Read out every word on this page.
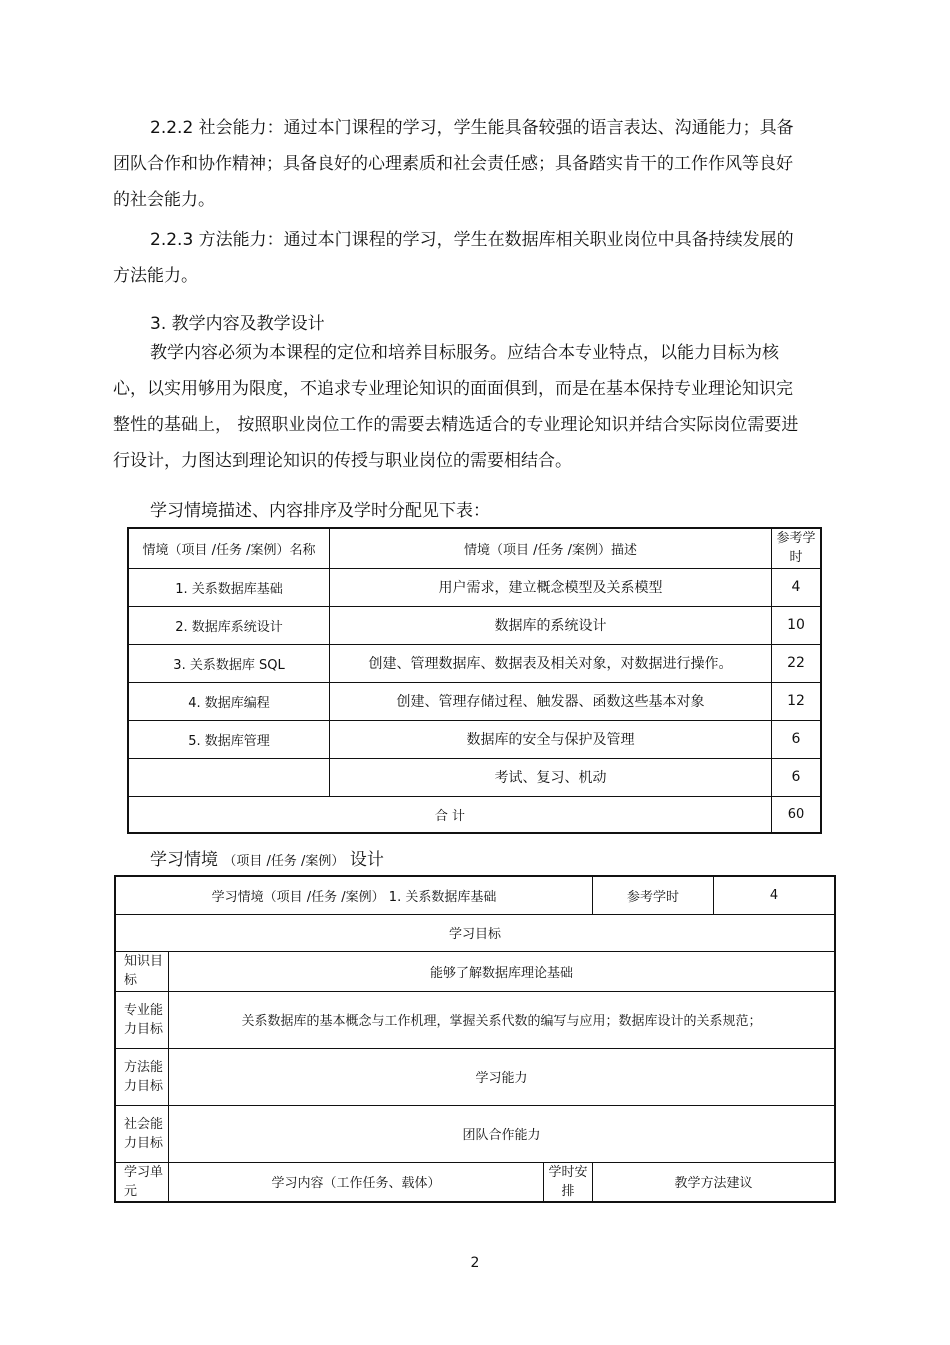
2.2.2 社会能力：通过本门课程的学习，学生能具备较强的语言表达、沟通能力；具备团队合作和协作精神；具备良好的心理素质和社会责任感；具备踏实肯干的工作作风等良好的社会能力。

2.2.3 方法能力：通过本门课程的学习，学生在数据库相关职业岗位中具备持续发展的方法能力。

3. 教学内容及教学设计

教学内容必须为本课程的定位和培养目标服务。应结合本专业特点，以能力目标为核心，以实用够用为限度，不追求专业理论知识的面面俱到，而是在基本保持专业理论知识完整性的基础上， 按照职业岗位工作的需要去精选适合的专业理论知识并结合实际岗位需要进行设计，力图达到理论知识的传授与职业岗位的需要相结合。

学习情境描述、内容排序及学时分配见下表：
情境（项目 /任务 /案例）名称	情境（项目 /任务 /案例）描述	参考学时
1. 关系数据库基础	用户需求，建立概念模型及关系模型	4
2. 数据库系统设计	数据库的系统设计	10
3. 关系数据库 SQL	创建、管理数据库、数据表及相关对象，对数据进行操作。	22
4. 数据库编程	创建、管理存储过程、触发器、函数这些基本对象	12
5. 数据库管理	数据库的安全与保护及管理	6
	考试、复习、机动	6
合 计		60
学习情境 （项目 /任务 /案例） 设计
学习情境（项目 /任务 /案例） 1. 关系数据库基础			参考学时	4
学习目标				
知识目标	能够了解数据库理论基础			
专业能力目标	关系数据库的基本概念与工作机理，掌握关系代数的编写与应用；数据库设计的关系规范；			
方法能力目标	学习能力			
社会能力目标	团队合作能力			
学习单元	学习内容（工作任务、载体）	学时安排	教学方法建议	
2
